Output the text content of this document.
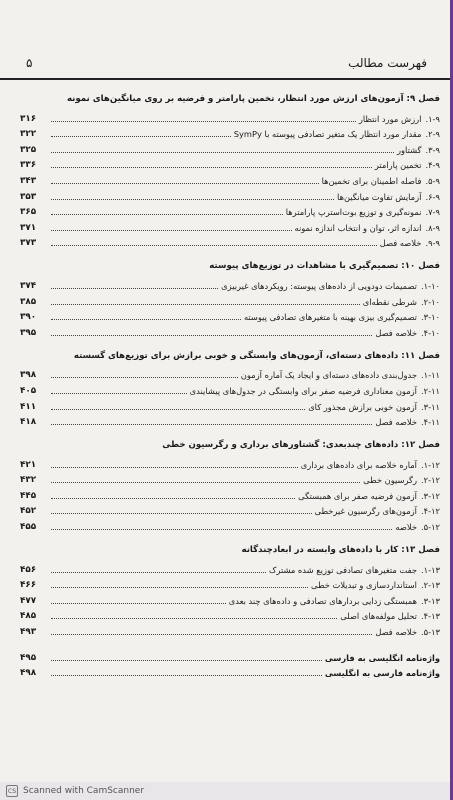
۵	فهرست مطالب
فصل ۹: آزمون‌های ارزش مورد انتظار، تخمین پارامتر و فرضیه بر روی میانگین‌های نمونه
۱-۹.
ارزش مورد انتظار
۳۱۶
۲-۹.
مقدار مورد انتظار یک متغیر تصادفی پیوسته با SymPy
۳۲۲
۳-۹.
گشتاور
۳۲۵
۴-۹.
تخمین پارامتر
۳۳۶
۵-۹.
فاصله اطمینان برای تخمین‌ها
۳۴۳
۶-۹.
آزمایش تفاوت میانگین‌ها
۳۵۳
۷-۹.
نمونه‌گیری و توزیع بوت‌استرپ پارامترها
۳۶۵
۸-۹.
اندازه اثر، توان و انتخاب اندازه نمونه
۳۷۱
۹-۹.
خلاصه فصل
۳۷۳
فصل ۱۰: تصمیم‌گیری با مشاهدات در توزیع‌های پیوسته
۱-۱۰.
تصمیمات دودویی از داده‌های پیوسته: رویکردهای غیربیزی
۳۷۴
۲-۱۰.
شرطی نقطه‌ای
۳۸۵
۳-۱۰.
تصمیم‌گیری بیزی بهینه با متغیرهای تصادفی پیوسته
۳۹۰
۴-۱۰.
خلاصه فصل
۳۹۵
فصل ۱۱: داده‌های دسته‌ای، آزمون‌های وابستگی و خوبی برازش برای توزیع‌های گسسته
۱-۱۱.
جدول‌بندی داده‌های دسته‌ای و ایجاد یک آماره آزمون
۳۹۸
۲-۱۱.
آزمون معناداری فرضیه صفر برای وابستگی در جدول‌های پیشایندی
۴۰۵
۳-۱۱.
آزمون خوبی برازش مجذور کای
۴۱۱
۴-۱۱.
خلاصه فصل
۴۱۸
فصل ۱۲: داده‌های چندبعدی: گشتاورهای برداری و رگرسیون خطی
۱-۱۲.
آماره خلاصه برای داده‌های برداری
۴۲۱
۲-۱۲.
رگرسیون خطی
۴۳۲
۳-۱۲.
آزمون فرضیه صفر برای همبستگی
۴۴۵
۴-۱۲.
آزمون‌های رگرسیون غیرخطی
۴۵۲
۵-۱۲.
خلاصه
۴۵۵
فصل ۱۳: کار با داده‌های وابسته در ابعادچندگانه
۱-۱۳.
جفت متغیرهای تصادفی توزیع شده مشترک
۴۵۶
۲-۱۳.
استانداردسازی و تبدیلات خطی
۴۶۶
۳-۱۳.
همبستگی زدایی بردارهای تصادفی و داده‌های چند بعدی
۴۷۷
۴-۱۳.
تحلیل مولفه‌های اصلی
۴۸۵
۵-۱۳.
خلاصه فصل
۴۹۳
واژه‌نامه انگلیسی به فارسی
۴۹۵
واژه‌نامه فارسی به انگلیسی
۴۹۸
CS Scanned with CamScanner
